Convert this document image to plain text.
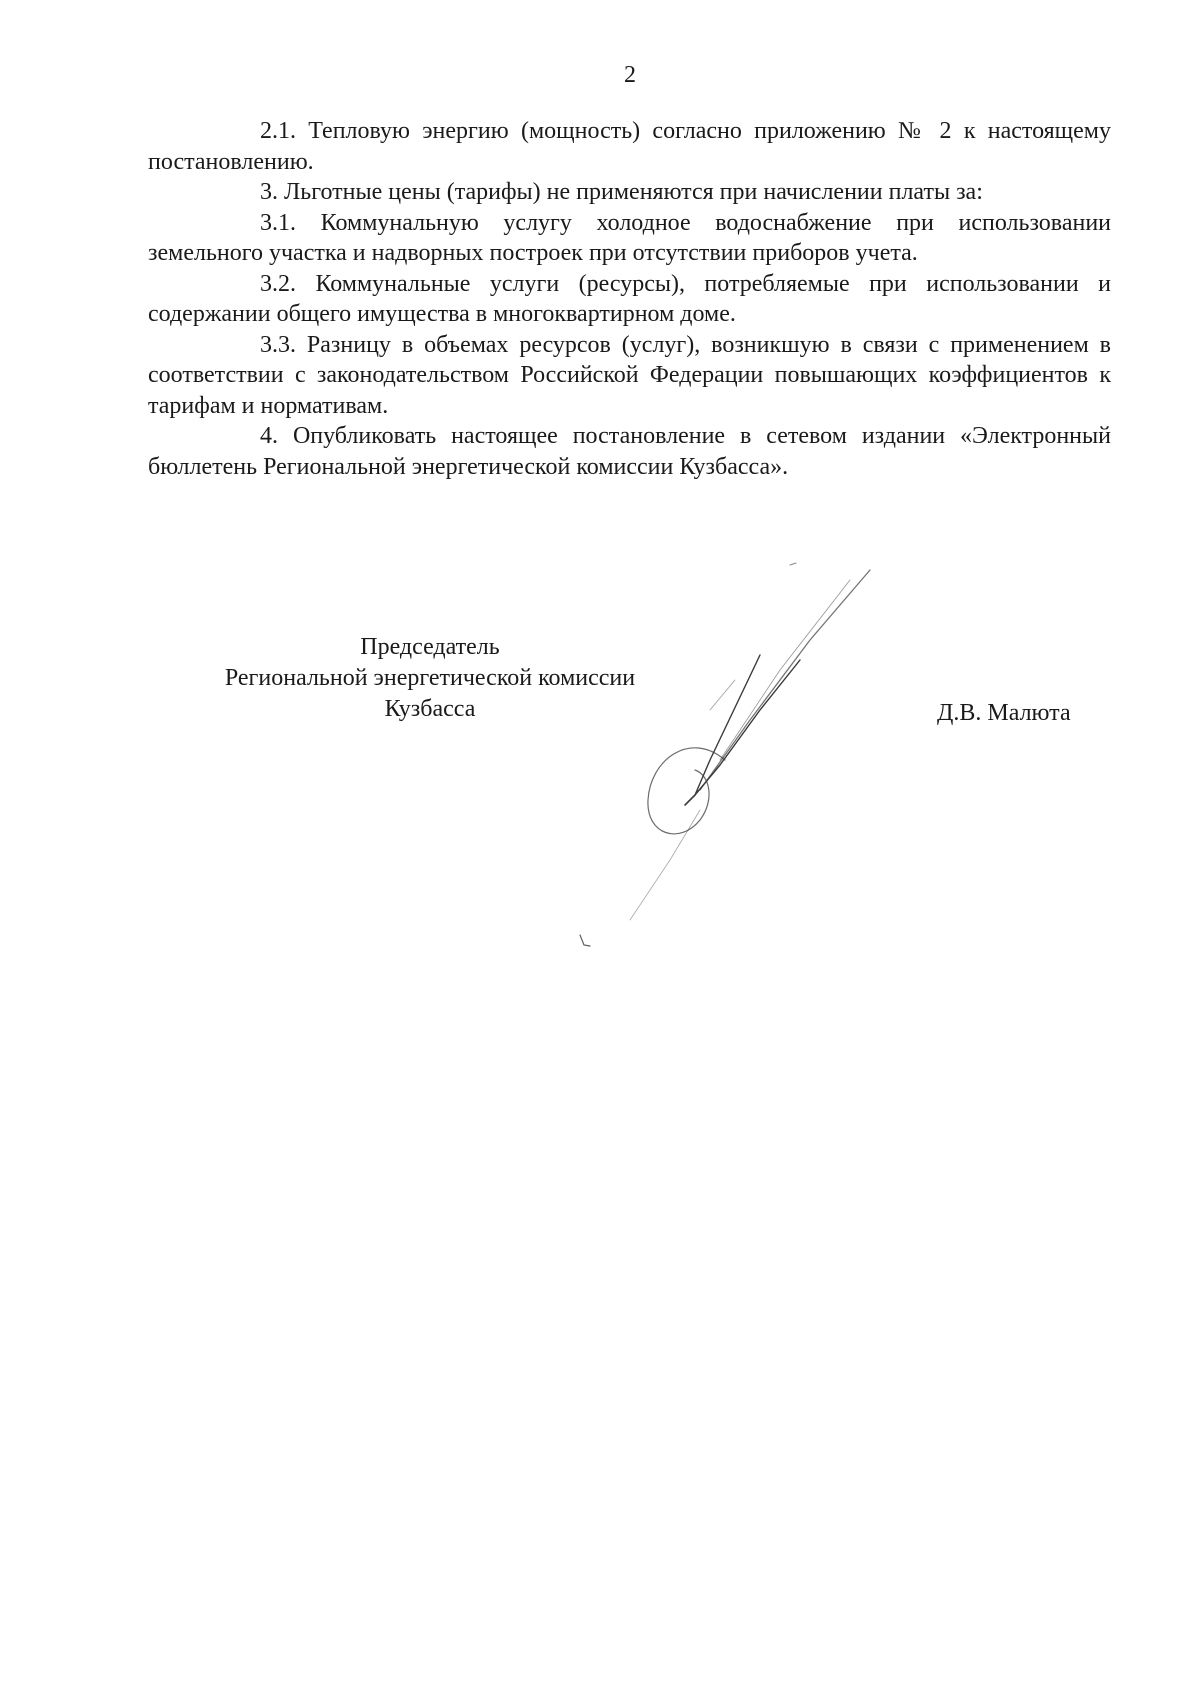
2

2.1. Тепловую энергию (мощность) согласно приложению № 2 к настоящему постановлению.

3. Льготные цены (тарифы) не применяются при начислении платы за:

3.1. Коммунальную услугу холодное водоснабжение при использовании земельного участка и надворных построек при отсутствии приборов учета.

3.2. Коммунальные услуги (ресурсы), потребляемые при использовании и содержании общего имущества в многоквартирном доме.

3.3. Разницу в объемах ресурсов (услуг), возникшую в связи с применением в соответствии с законодательством Российской Федерации повышающих коэффициентов к тарифам и нормативам.

4. Опубликовать настоящее постановление в сетевом издании «Электронный бюллетень Региональной энергетической комиссии Кузбасса».

Председатель
Региональной энергетической комиссии
Кузбасса	Д.В. Малюта
